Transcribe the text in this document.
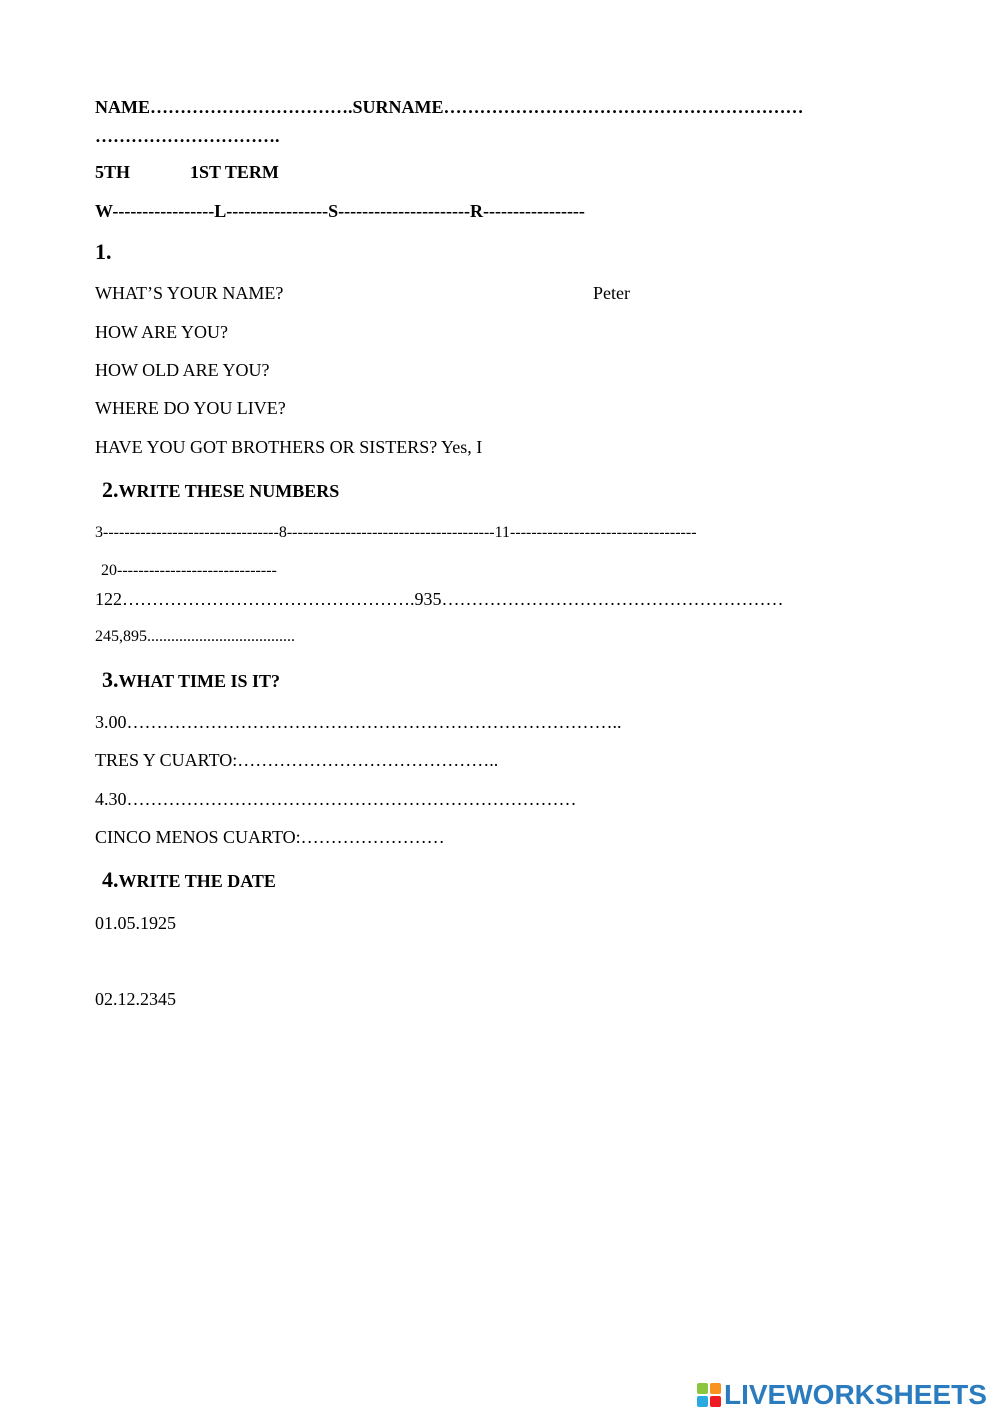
NAME…………………………….SURNAME……………………………………………………
………………………….
5TH	1ST TERM
W-----------------L-----------------S----------------------R-----------------
1.
WHAT’S YOUR NAME?	Peter
HOW ARE YOU?
HOW OLD ARE YOU?
WHERE DO YOU LIVE?
HAVE YOU GOT BROTHERS OR SISTERS? Yes, I
2.WRITE THESE NUMBERS
3---------------------------------8---------------------------------------11-----------------------------------
20------------------------------
122………………………………………….935…………………………………………………
245,895.....................................
3.WHAT TIME IS IT?
3.00………………………………………………………………………..
TRES Y CUARTO:……………………………………..
4.30…………………………………………………………………
CINCO MENOS CUARTO:……………………
4.WRITE THE DATE
01.05.1925
02.12.2345
LIVEWORKSHEETS
